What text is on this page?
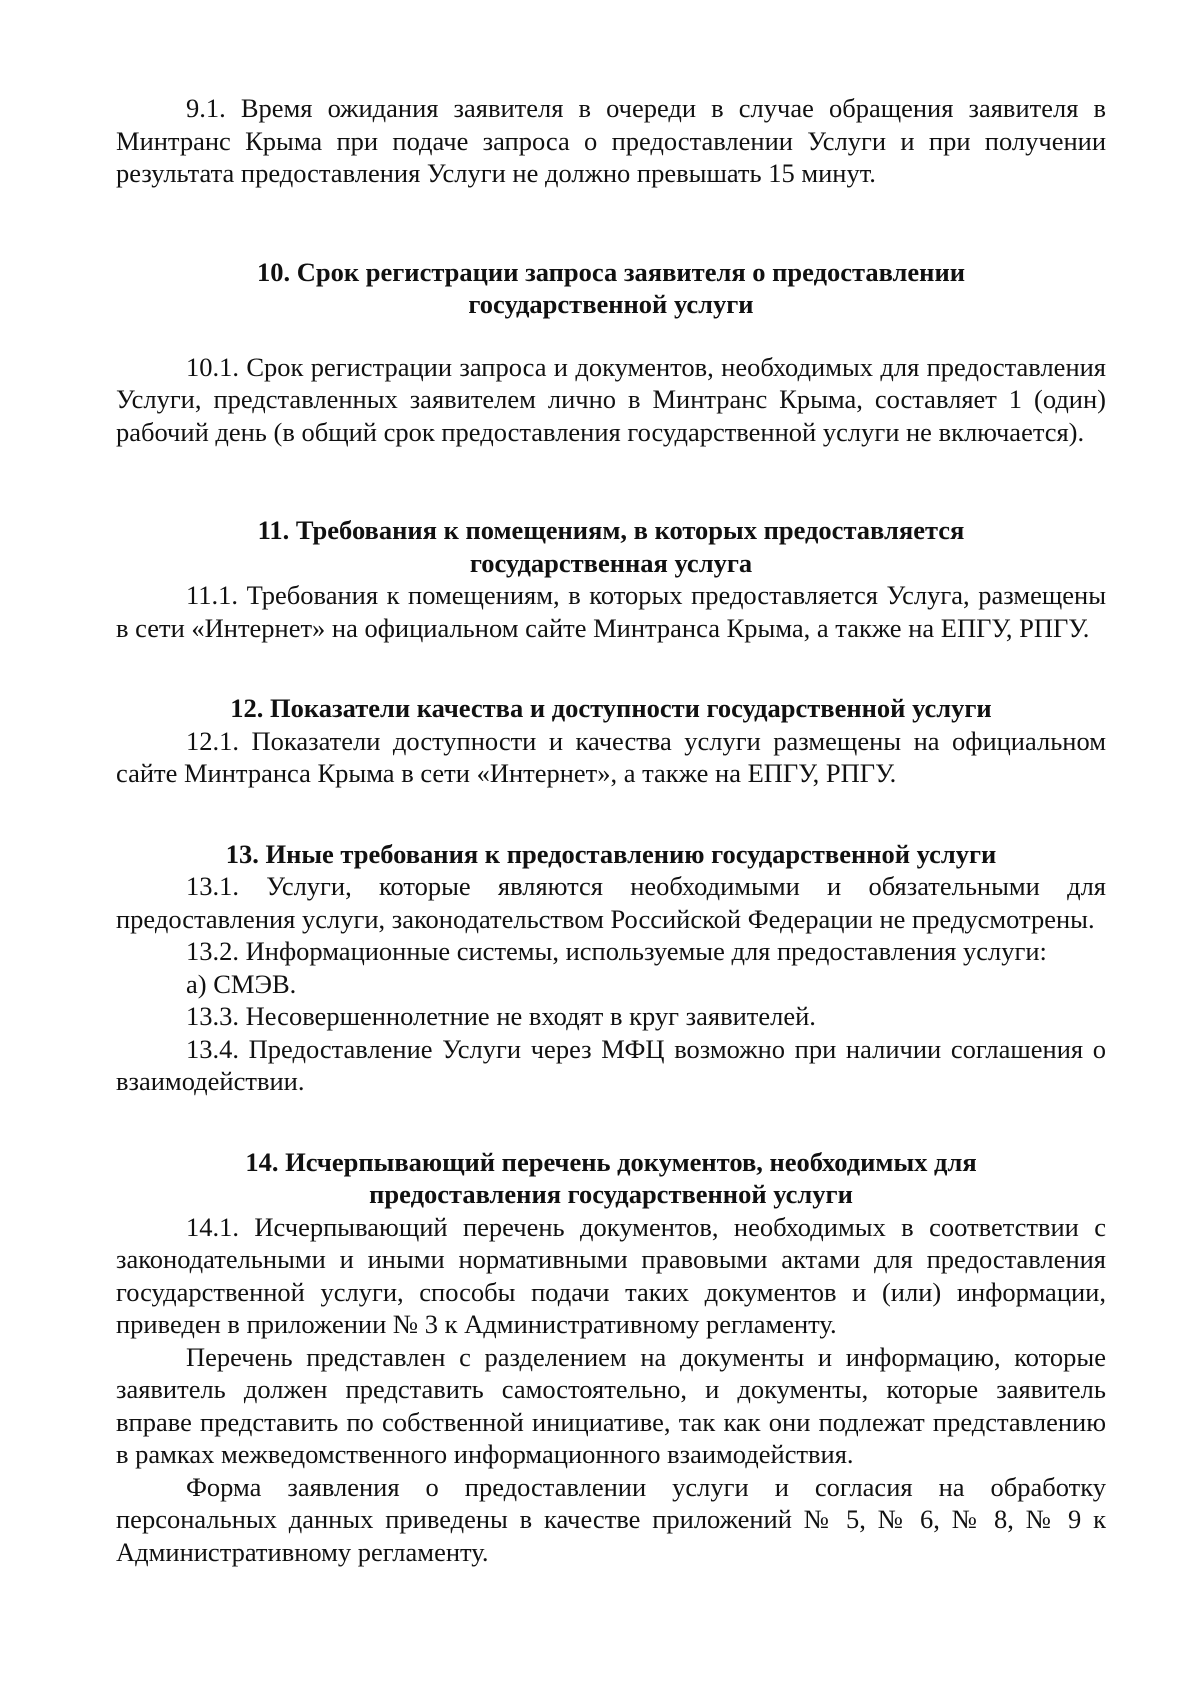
9.1. Время ожидания заявителя в очереди в случае обращения заявителя в Минтранс Крыма при подаче запроса о предоставлении Услуги и при получении результата предоставления Услуги не должно превышать 15 минут.

10. Срок регистрации запроса заявителя о предоставлении
государственной услуги

10.1. Срок регистрации запроса и документов, необходимых для предоставления Услуги, представленных заявителем лично в Минтранс Крыма, составляет 1 (один) рабочий день (в общий срок предоставления государственной услуги не включается).

11. Требования к помещениям, в которых предоставляется
государственная услуга

11.1. Требования к помещениям, в которых предоставляется Услуга, размещены в сети «Интернет» на официальном сайте Минтранса Крыма, а также на ЕПГУ, РПГУ.

12. Показатели качества и доступности государственной услуги

12.1. Показатели доступности и качества услуги размещены на официальном сайте Минтранса Крыма в сети «Интернет», а также на ЕПГУ, РПГУ.

13. Иные требования к предоставлению государственной услуги

13.1. Услуги, которые являются необходимыми и обязательными для предоставления услуги, законодательством Российской Федерации не предусмотрены.

13.2. Информационные системы, используемые для предоставления услуги:

а) СМЭВ.

13.3. Несовершеннолетние не входят в круг заявителей.

13.4. Предоставление Услуги через МФЦ возможно при наличии соглашения о взаимодействии.

14. Исчерпывающий перечень документов, необходимых для
предоставления государственной услуги

14.1. Исчерпывающий перечень документов, необходимых в соответствии с законодательными и иными нормативными правовыми актами для предоставления государственной услуги, способы подачи таких документов и (или) информации, приведен в приложении № 3 к Административному регламенту.

Перечень представлен с разделением на документы и информацию, которые заявитель должен представить самостоятельно, и документы, которые заявитель вправе представить по собственной инициативе, так как они подлежат представлению в рамках межведомственного информационного взаимодействия.

Форма заявления о предоставлении услуги и согласия на обработку персональных данных приведены в качестве приложений № 5, № 6, № 8, № 9 к Административному регламенту.
